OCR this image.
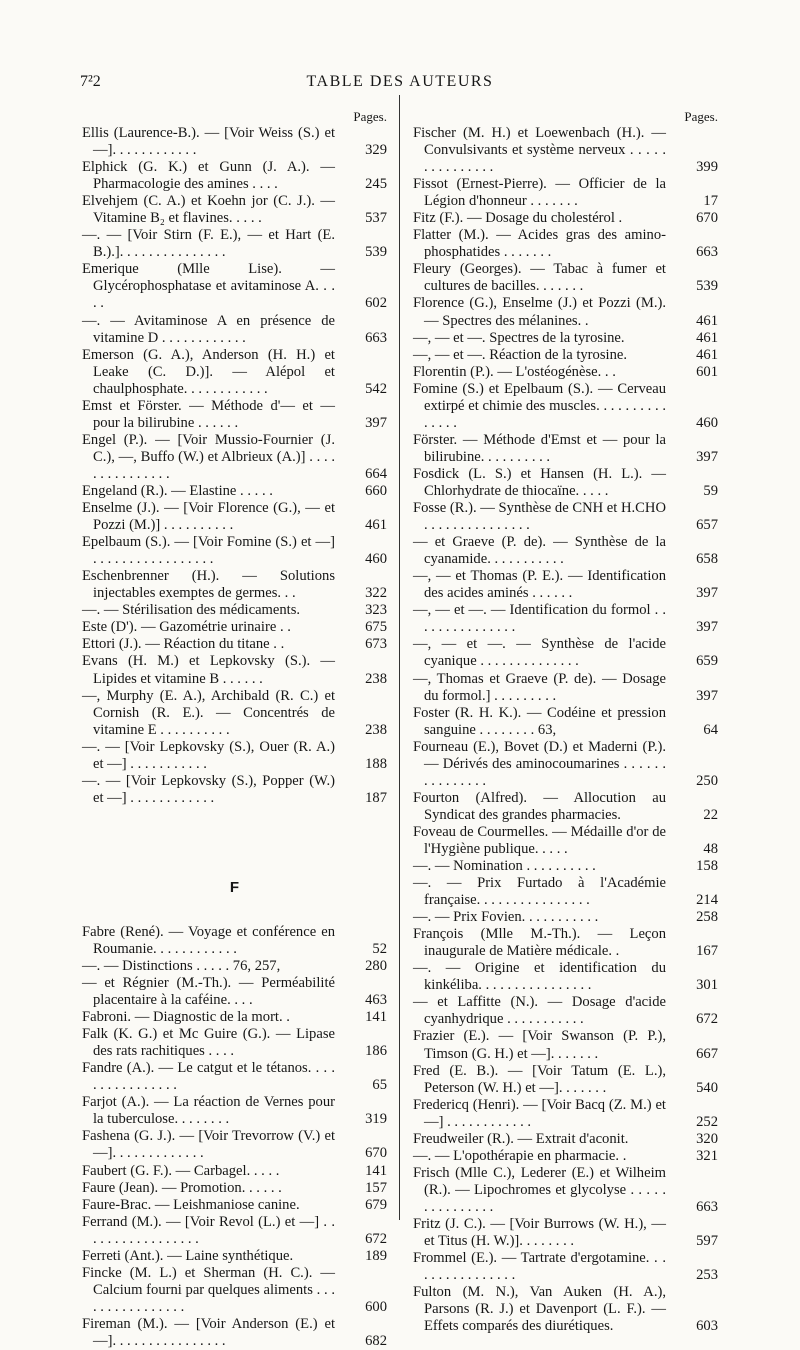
7²2	TABLE DES AUTEURS
Pages.
Ellis (Laurence-B.). — [Voir Weiss (S.) et —]. . . . . . . . . . . .	329
Elphick (G. K.) et Gunn (J. A.). — Pharmacologie des amines . . . .	245
Elvehjem (C. A.) et Koehn jor (C. J.). — Vitamine B₂ et flavines. . . . .	537
—. — [Voir Stirn (F. E.), — et Hart (E. B.).]. . . . . . . . . . . . . . .	539
Emerique (Mlle Lise). — Glycérophosphatase et avitaminose A. . . . .	602
—. — Avitaminose A en présence de vitamine D . . . . . . . . . . . .	663
Emerson (G. A.), Anderson (H. H.) et Leake (C. D.)]. — Alépol et chaulphosphate. . . . . . . . . . . .	542
Emst et Förster. — Méthode d'— et — pour la bilirubine . . . . . .	397
Engel (P.). — [Voir Mussio-Fournier (J. C.), —, Buffo (W.) et Albrieux (A.)] . . . . . . . . . . . . . . .	664
Engeland (R.). — Elastine . . . . .	660
Enselme (J.). — [Voir Florence (G.), — et Pozzi (M.)] . . . . . . . . . .	461
Epelbaum (S.). — [Voir Fomine (S.) et —] . . . . . . . . . . . . . . . . .	460
Eschenbrenner (H.). — Solutions injectables exemptes de germes. . .	322
—. — Stérilisation des médicaments.	323
Este (D'). — Gazométrie urinaire . .	675
Ettori (J.). — Réaction du titane . .	673
Evans (H. M.) et Lepkovsky (S.). — Lipides et vitamine B . . . . . .	238
—, Murphy (E. A.), Archibald (R. C.) et Cornish (R. E.). — Concentrés de vitamine E . . . . . . . . . .	238
—. — [Voir Lepkovsky (S.), Ouer (R. A.) et —] . . . . . . . . . . .	188
—. — [Voir Lepkovsky (S.), Popper (W.) et —] . . . . . . . . . . . .	187
F
Fabre (René). — Voyage et conférence en Roumanie. . . . . . . . . . . .	52
—. — Distinctions . . . . . 76, 257,	280
— et Régnier (M.-Th.). — Perméabilité placentaire à la caféine. . . .	463
Fabroni. — Diagnostic de la mort. .	141
Falk (K. G.) et Mc Guire (G.). — Lipase des rats rachitiques . . . .	186
Fandre (A.). — Le catgut et le tétanos. . . . . . . . . . . . . . . .	65
Farjot (A.). — La réaction de Vernes pour la tuberculose. . . . . . . .	319
Fashena (G. J.). — [Voir Trevorrow (V.) et —]. . . . . . . . . . . . .	670
Faubert (G. F.). — Carbagel. . . . .	141
Faure (Jean). — Promotion. . . . . .	157
Faure-Brac. — Leishmaniose canine.	679
Ferrand (M.). — [Voir Revol (L.) et —] . . . . . . . . . . . . . . . . .	672
Ferreti (Ant.). — Laine synthétique.	189
Fincke (M. L.) et Sherman (H. C.). — Calcium fourni par quelques aliments . . . . . . . . . . . . . . . .	600
Fireman (M.). — [Voir Anderson (E.) et —]. . . . . . . . . . . . . . . .	682
Pages.
Fischer (M. H.) et Loewenbach (H.). — Convulsivants et système nerveux . . . . . . . . . . . . . . .	399
Fissot (Ernest-Pierre). — Officier de la Légion d'honneur . . . . . . .	17
Fitz (F.). — Dosage du cholestérol .	670
Flatter (M.). — Acides gras des amino-phosphatides . . . . . . .	663
Fleury (Georges). — Tabac à fumer et cultures de bacilles. . . . . . .	539
Florence (G.), Enselme (J.) et Pozzi (M.). — Spectres des mélanines. .	461
—, — et —. Spectres de la tyrosine.	461
—, — et —. Réaction de la tyrosine.	461
Florentin (P.). — L'ostéogénèse. . .	601
Fomine (S.) et Epelbaum (S.). — Cerveau extirpé et chimie des muscles. . . . . . . . . . . . . . .	460
Förster. — Méthode d'Emst et — pour la bilirubine. . . . . . . . . .	397
Fosdick (L. S.) et Hansen (H. L.). — Chlorhydrate de thiocaïne. . . . .	59
Fosse (R.). — Synthèse de CNH et H.CHO . . . . . . . . . . . . . . .	657
— et Graeve (P. de). — Synthèse de la cyanamide. . . . . . . . . . .	658
—, — et Thomas (P. E.). — Identification des acides aminés . . . . . .	397
—, — et —. — Identification du formol . . . . . . . . . . . . . . .	397
—, — et —. — Synthèse de l'acide cyanique . . . . . . . . . . . . . .	659
—, Thomas et Graeve (P. de). — Dosage du formol.] . . . . . . . . .	397
Foster (R. H. K.). — Codéine et pression sanguine . . . . . . . . 63,	64
Fourneau (E.), Bovet (D.) et Maderni (P.). — Dérivés des aminocoumarines . . . . . . . . . . . . . . .	250
Fourton (Alfred). — Allocution au Syndicat des grandes pharmacies.	22
Foveau de Courmelles. — Médaille d'or de l'Hygiène publique. . . . .	48
—. — Nomination . . . . . . . . . .	158
—. — Prix Furtado à l'Académie française. . . . . . . . . . . . . . . .	214
—. — Prix Fovien. . . . . . . . . . .	258
François (Mlle M.-Th.). — Leçon inaugurale de Matière médicale. .	167
—. — Origine et identification du kinkéliba. . . . . . . . . . . . . . . .	301
— et Laffitte (N.). — Dosage d'acide cyanhydrique . . . . . . . . . . .	672
Frazier (E.). — [Voir Swanson (P. P.), Timson (G. H.) et —]. . . . . . .	667
Fred (E. B.). — [Voir Tatum (E. L.), Peterson (W. H.) et —]. . . . . . .	540
Fredericq (Henri). — [Voir Bacq (Z. M.) et —] . . . . . . . . . . . .	252
Freudweiler (R.). — Extrait d'aconit.	320
—. — L'opothérapie en pharmacie. .	321
Frisch (Mlle C.), Lederer (E.) et Wilheim (R.). — Lipochromes et glycolyse . . . . . . . . . . . . . . .	663
Fritz (J. C.). — [Voir Burrows (W. H.), — et Titus (H. W.)]. . . . . . . .	597
Frommel (E.). — Tartrate d'ergotamine. . . . . . . . . . . . . . . .	253
Fulton (M. N.), Van Auken (H. A.), Parsons (R. J.) et Davenport (L. F.). — Effets comparés des diurétiques.	603
